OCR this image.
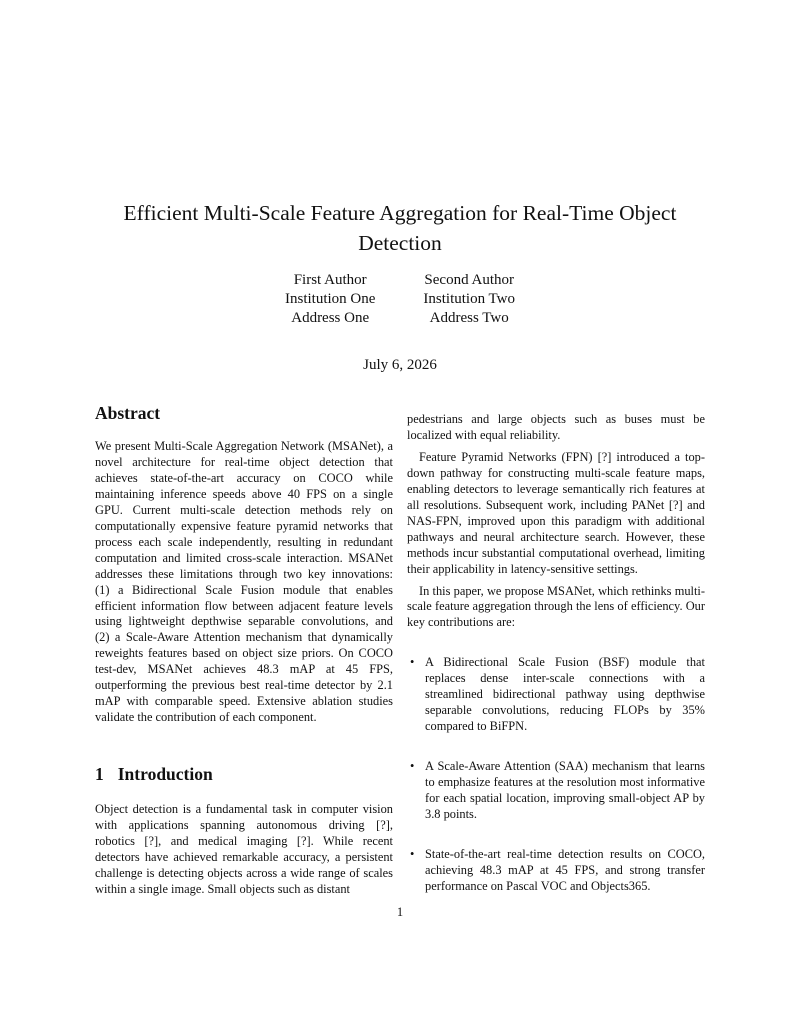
Efficient Multi-Scale Feature Aggregation for Real-Time Object Detection
First Author
Institution One
Address One
Second Author
Institution Two
Address Two
July 6, 2026
Abstract

We present Multi-Scale Aggregation Network (MSANet), a novel architecture for real-time object detection that achieves state-of-the-art accuracy on COCO while maintaining inference speeds above 40 FPS on a single GPU. Current multi-scale detection methods rely on computationally expensive feature pyramid networks that process each scale independently, resulting in redundant computation and limited cross-scale interaction. MSANet addresses these limitations through two key innovations: (1) a Bidirectional Scale Fusion module that enables efficient information flow between adjacent feature levels using lightweight depthwise separable convolutions, and (2) a Scale-Aware Attention mechanism that dynamically reweights features based on object size priors. On COCO test-dev, MSANet achieves 48.3 mAP at 45 FPS, outperforming the previous best real-time detector by 2.1 mAP with comparable speed. Extensive ablation studies validate the contribution of each component.

1 Introduction

Object detection is a fundamental task in computer vision with applications spanning autonomous driving [?], robotics [?], and medical imaging [?]. While recent detectors have achieved remarkable accuracy, a persistent challenge is detecting objects across a wide range of scales within a single image. Small objects such as distant

pedestrians and large objects such as buses must be localized with equal reliability.

Feature Pyramid Networks (FPN) [?] introduced a top-down pathway for constructing multi-scale feature maps, enabling detectors to leverage semantically rich features at all resolutions. Subsequent work, including PANet [?] and NAS-FPN, improved upon this paradigm with additional pathways and neural architecture search. However, these methods incur substantial computational overhead, limiting their applicability in latency-sensitive settings.

In this paper, we propose MSANet, which rethinks multi-scale feature aggregation through the lens of efficiency. Our key contributions are:

• A Bidirectional Scale Fusion (BSF) module that replaces dense inter-scale connections with a streamlined bidirectional pathway using depthwise separable convolutions, reducing FLOPs by 35% compared to BiFPN.
• A Scale-Aware Attention (SAA) mechanism that learns to emphasize features at the resolution most informative for each spatial location, improving small-object AP by 3.8 points.
• State-of-the-art real-time detection results on COCO, achieving 48.3 mAP at 45 FPS, and strong transfer performance on Pascal VOC and Objects365.
1
